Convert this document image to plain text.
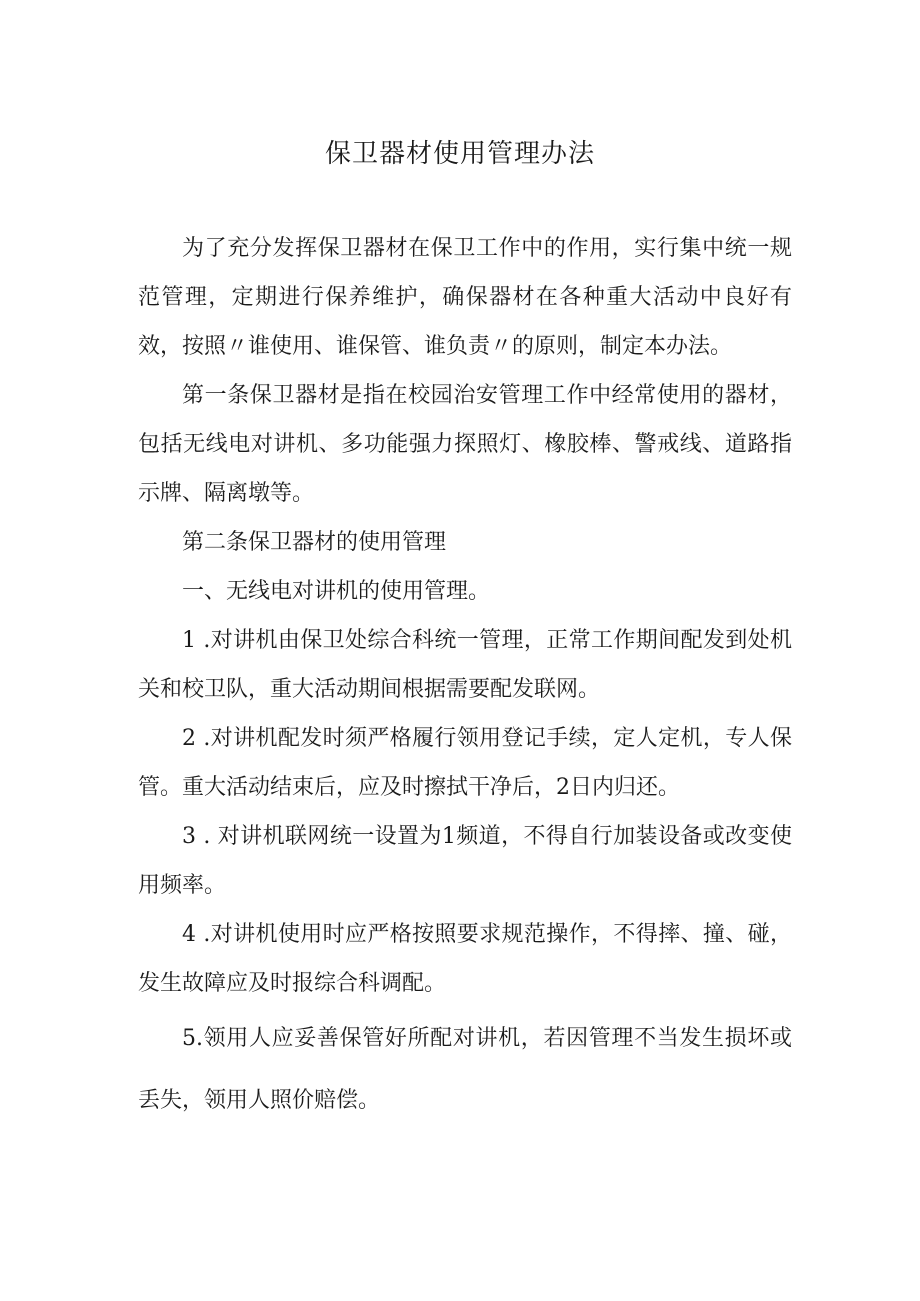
保卫器材使用管理办法

为了充分发挥保卫器材在保卫工作中的作用，实行集中统一规范管理，定期进行保养维护，确保器材在各种重大活动中良好有效，按照〃谁使用、谁保管、谁负责〃的原则，制定本办法。

第一条保卫器材是指在校园治安管理工作中经常使用的器材，包括无线电对讲机、多功能强力探照灯、橡胶棒、警戒线、道路指示牌、隔离墩等。

第二条保卫器材的使用管理

一、无线电对讲机的使用管理。

1 .对讲机由保卫处综合科统一管理，正常工作期间配发到处机关和校卫队，重大活动期间根据需要配发联网。

2 .对讲机配发时须严格履行领用登记手续，定人定机，专人保管。重大活动结束后，应及时擦拭干净后，2日内归还。

3 . 对讲机联网统一设置为1频道，不得自行加装设备或改变使用频率。

4 .对讲机使用时应严格按照要求规范操作，不得摔、撞、碰，发生故障应及时报综合科调配。

5.领用人应妥善保管好所配对讲机，若因管理不当发生损坏或丢失，领用人照价赔偿。
